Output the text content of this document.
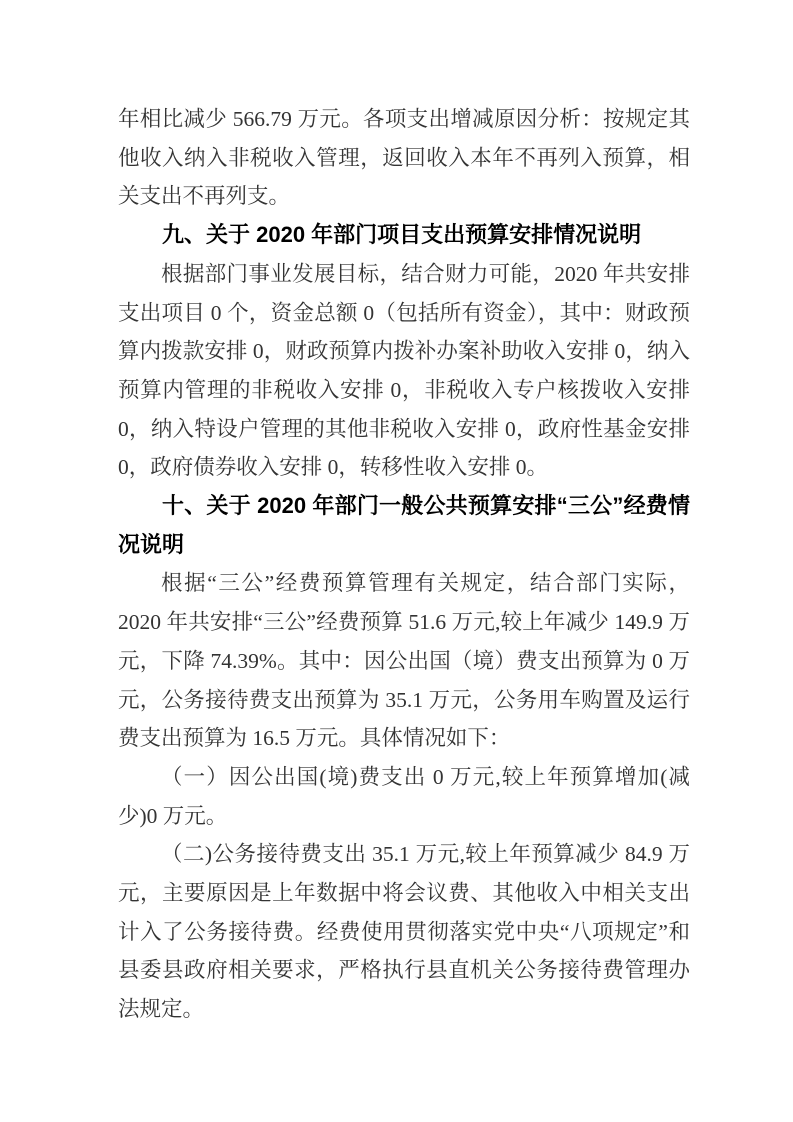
年相比减少 566.79 万元。各项支出增减原因分析：按规定其他收入纳入非税收入管理，返回收入本年不再列入预算，相关支出不再列支。

九、关于 2020 年部门项目支出预算安排情况说明

根据部门事业发展目标，结合财力可能，2020 年共安排支出项目 0 个，资金总额 0（包括所有资金），其中：财政预算内拨款安排 0，财政预算内拨补办案补助收入安排 0，纳入预算内管理的非税收入安排 0，非税收入专户核拨收入安排 0，纳入特设户管理的其他非税收入安排 0，政府性基金安排 0，政府债券收入安排 0，转移性收入安排 0。

十、关于 2020 年部门一般公共预算安排“三公”经费情况说明

根据“三公”经费预算管理有关规定，结合部门实际，2020 年共安排“三公”经费预算 51.6 万元,较上年减少 149.9 万元，下降 74.39%。其中：因公出国（境）费支出预算为 0 万元，公务接待费支出预算为 35.1 万元，公务用车购置及运行费支出预算为 16.5 万元。具体情况如下：

（一）因公出国(境)费支出 0 万元,较上年预算增加(减少)0 万元。

（二)公务接待费支出 35.1 万元,较上年预算减少 84.9 万元，主要原因是上年数据中将会议费、其他收入中相关支出计入了公务接待费。经费使用贯彻落实党中央“八项规定”和县委县政府相关要求，严格执行县直机关公务接待费管理办法规定。
